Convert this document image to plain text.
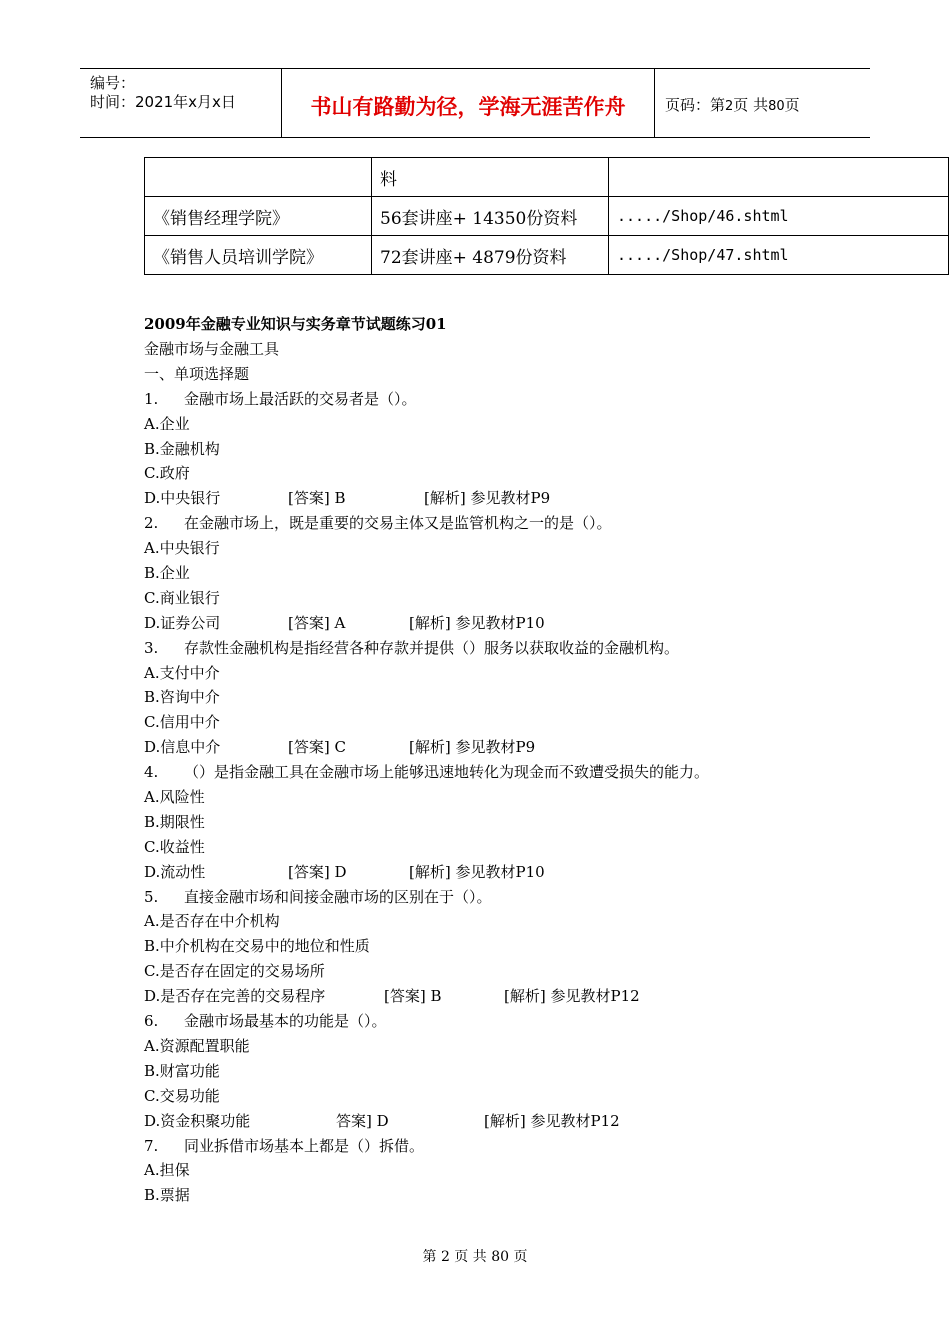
编号：
时间：2021年x月x日	书山有路勤为径，学海无涯苦作舟	页码：第2页 共80页
	料	
《销售经理学院》	56套讲座+ 14350份资料	...../Shop/46.shtml
《销售人员培训学院》	72套讲座+ 4879份资料	...../Shop/47.shtml
2009年金融专业知识与实务章节试题练习01
金融市场与金融工具
一、单项选择题
1. 金融市场上最活跃的交易者是（）。
A.企业
B.金融机构
C.政府
D.中央银行	[答案] B	[解析] 参见教材P9
2. 在金融市场上，既是重要的交易主体又是监管机构之一的是（）。
A.中央银行
B.企业
C.商业银行
D.证券公司	[答案] A	[解析] 参见教材P10
3. 存款性金融机构是指经营各种存款并提供（）服务以获取收益的金融机构。
A.支付中介
B.咨询中介
C.信用中介
D.信息中介	[答案] C	[解析] 参见教材P9
4. （）是指金融工具在金融市场上能够迅速地转化为现金而不致遭受损失的能力。
A.风险性
B.期限性
C.收益性
D.流动性	[答案] D	[解析] 参见教材P10
5. 直接金融市场和间接金融市场的区别在于（）。
A.是否存在中介机构
B.中介机构在交易中的地位和性质
C.是否存在固定的交易场所
D.是否存在完善的交易程序	[答案] B	[解析] 参见教材P12
6. 金融市场最基本的功能是（）。
A.资源配置职能
B.财富功能
C.交易功能
D.资金积聚功能	答案] D	[解析] 参见教材P12
7. 同业拆借市场基本上都是（）拆借。
A.担保
B.票据
第 2 页 共 80 页
